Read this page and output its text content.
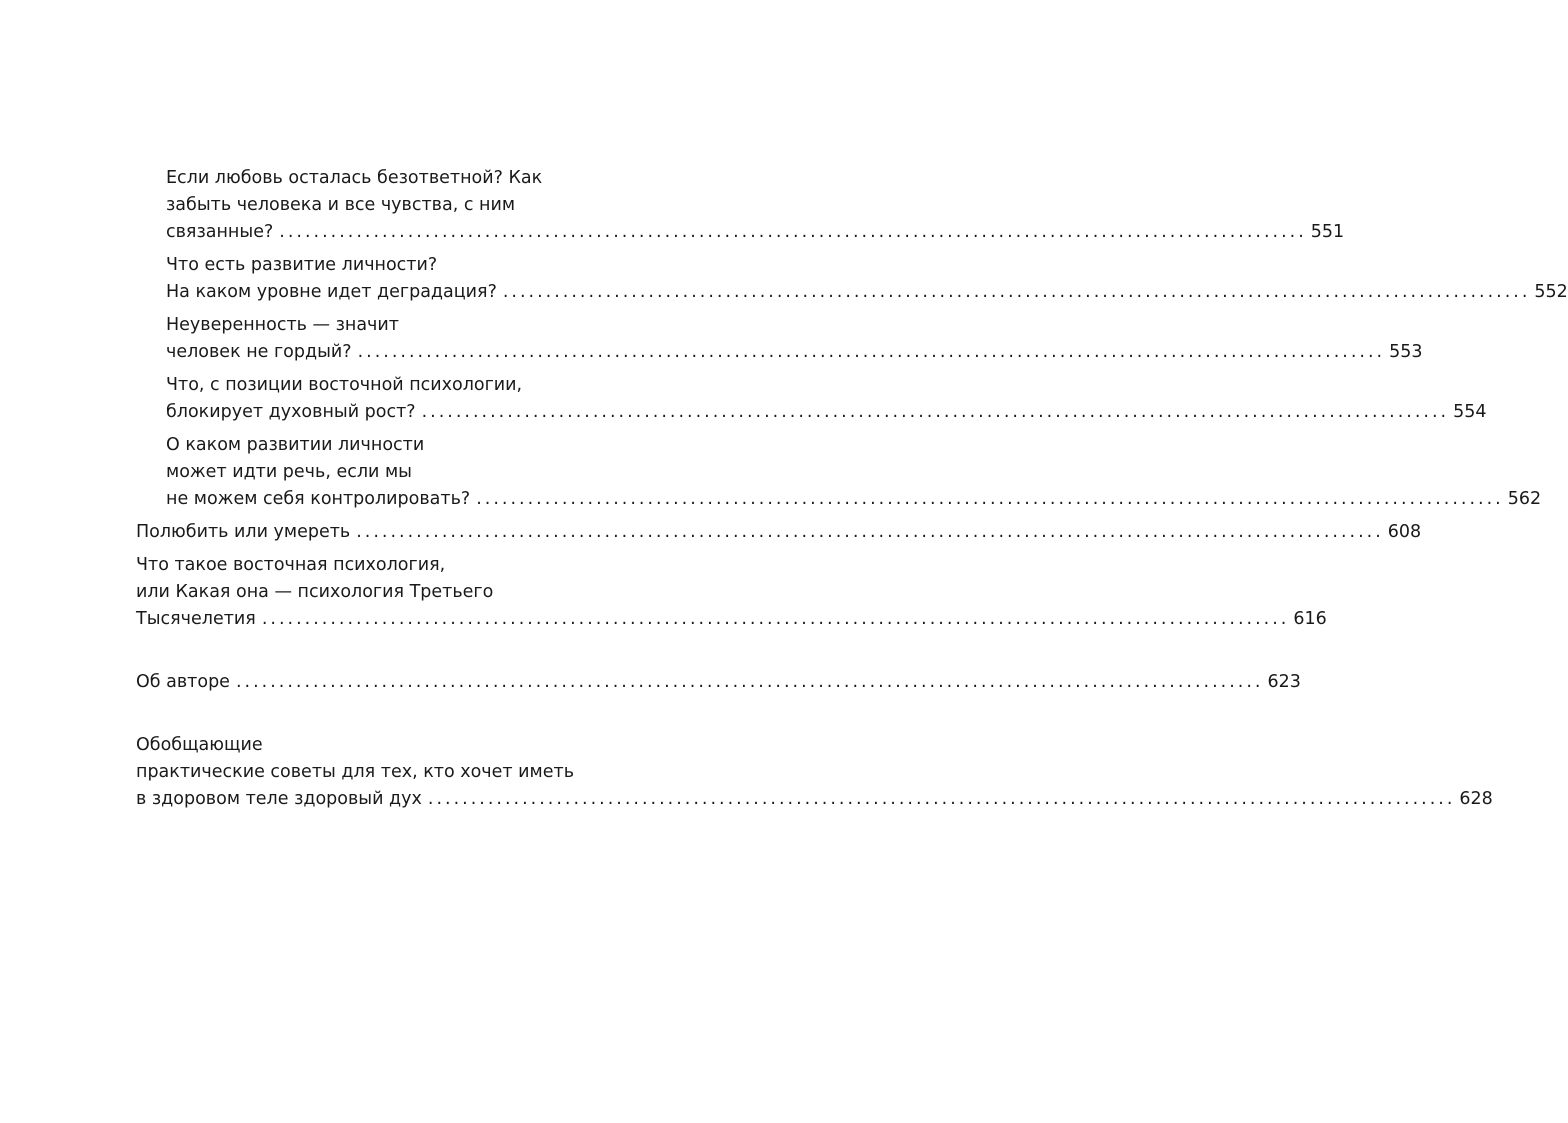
Если любовь осталась безответной? Как
забыть человека и все чувства, с ним
связанные? ........................................................................................................................ 551
Что есть развитие личности?
На каком уровне идет деградация? ........................................................................................................................ 552
Неуверенность — значит
человек не гордый? ........................................................................................................................ 553
Что, с позиции восточной психологии,
блокирует духовный рост? ........................................................................................................................ 554
О каком развитии личности
может идти речь, если мы
не можем себя контролировать? ........................................................................................................................ 562
Полюбить или умереть ........................................................................................................................ 608
Что такое восточная психология,
или Какая она — психология Третьего
Тысячелетия ........................................................................................................................ 616
Об авторе ........................................................................................................................ 623
Обобщающие
практические советы для тех, кто хочет иметь
в здоровом теле здоровый дух ........................................................................................................................ 628
